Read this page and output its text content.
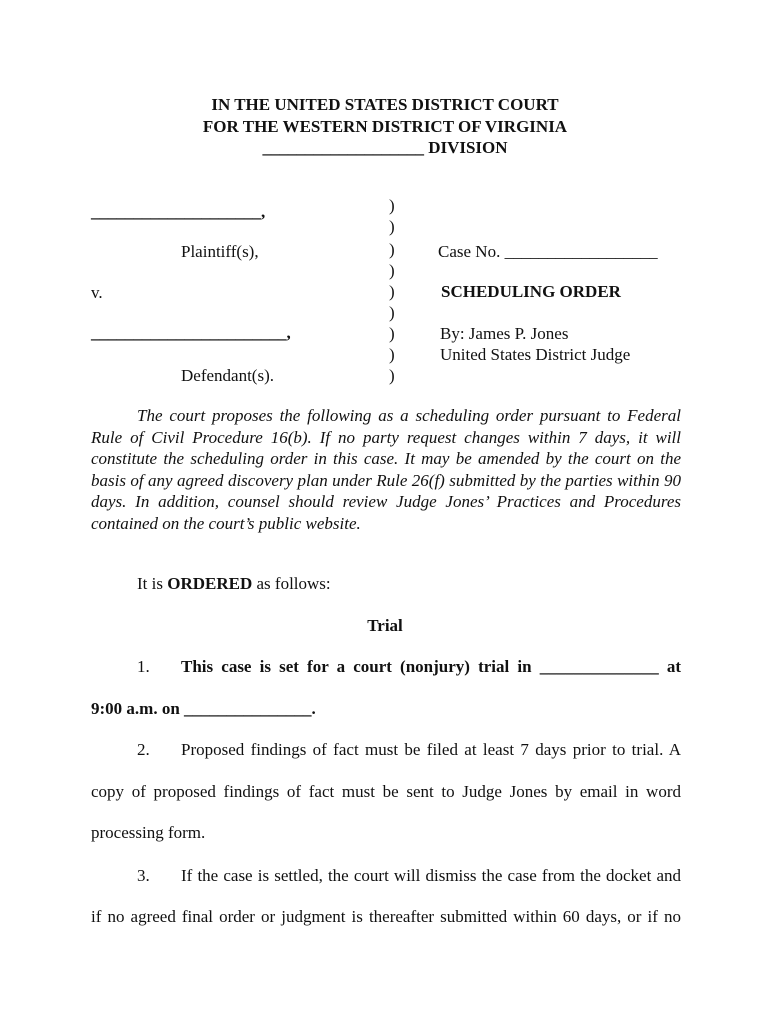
IN THE UNITED STATES DISTRICT COURT
FOR THE WESTERN DISTRICT OF VIRGINIA
___________________ DIVISION
____________________,
Plaintiff(s),
v.
_______________________,
Defendant(s).
)
)
)
)
)
)
)
)
)
Case No. __________________
SCHEDULING ORDER
By: James P. Jones
United States District Judge
The court proposes the following as a scheduling order pursuant to Federal Rule of Civil Procedure 16(b). If no party request changes within 7 days, it will constitute the scheduling order in this case. It may be amended by the court on the basis of any agreed discovery plan under Rule 26(f) submitted by the parties within 90 days. In addition, counsel should review Judge Jones’ Practices and Procedures contained on the court’s public website.
It is ORDERED as follows:
Trial
1. This case is set for a court (nonjury) trial in ______________ at
9:00 a.m. on _______________.
2. Proposed findings of fact must be filed at least 7 days prior to trial. A
copy of proposed findings of fact must be sent to Judge Jones by email in word
processing form.
3. If the case is settled, the court will dismiss the case from the docket and
if no agreed final order or judgment is thereafter submitted within 60 days, or if no
